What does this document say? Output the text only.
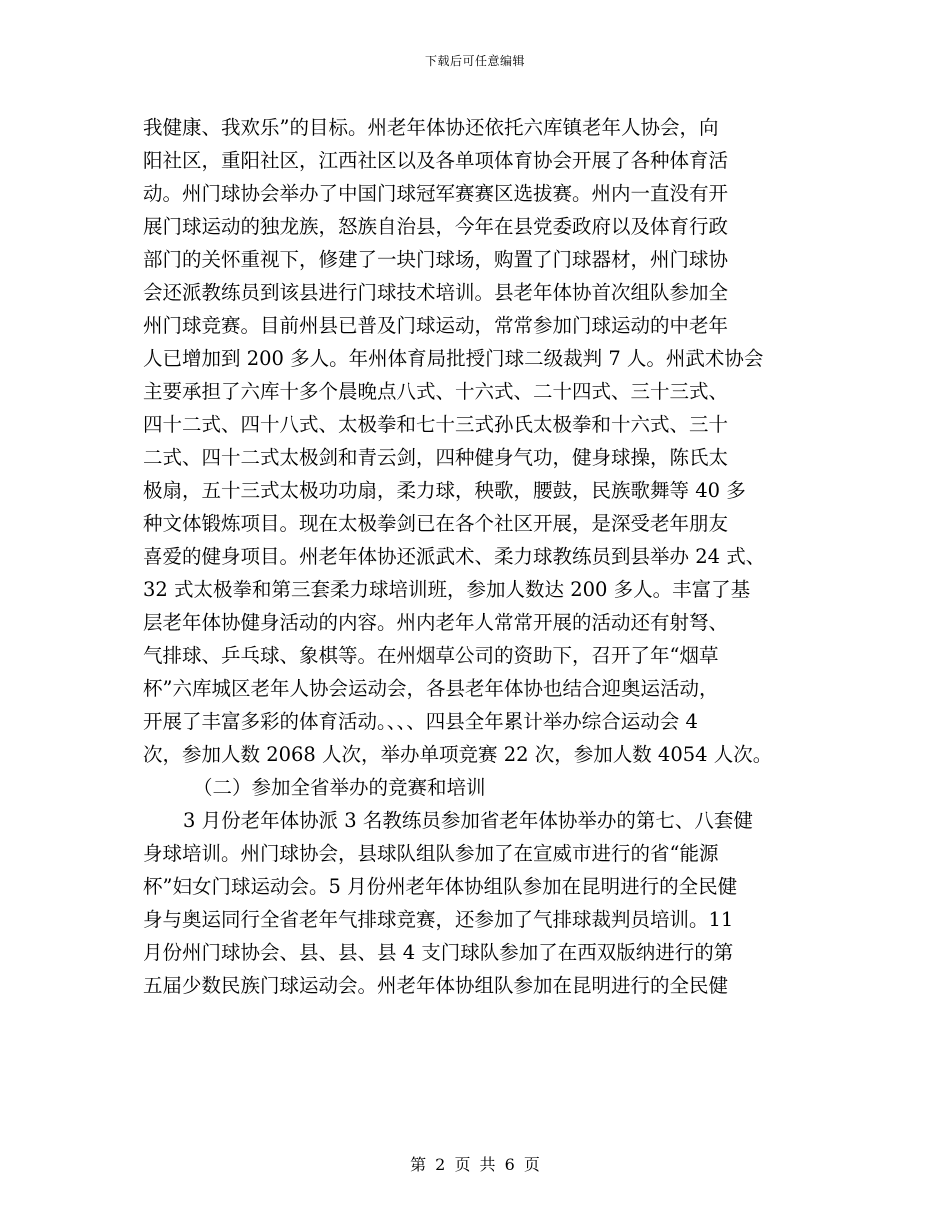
下载后可任意编辑
我健康、我欢乐”的目标。州老年体协还依托六库镇老年人协会，向
阳社区，重阳社区，江西社区以及各单项体育协会开展了各种体育活
动。州门球协会举办了中国门球冠军赛赛区选拔赛。州内一直没有开
展门球运动的独龙族，怒族自治县，今年在县党委政府以及体育行政
部门的关怀重视下，修建了一块门球场，购置了门球器材，州门球协
会还派教练员到该县进行门球技术培训。县老年体协首次组队参加全
州门球竞赛。目前州县已普及门球运动，常常参加门球运动的中老年
人已增加到 200 多人。年州体育局批授门球二级裁判 7 人。州武术协会
主要承担了六库十多个晨晚点八式、十六式、二十四式、三十三式、
四十二式、四十八式、太极拳和七十三式孙氏太极拳和十六式、三十
二式、四十二式太极剑和青云剑，四种健身气功，健身球操，陈氏太
极扇，五十三式太极功功扇，柔力球，秧歌，腰鼓，民族歌舞等 40 多
种文体锻炼项目。现在太极拳剑已在各个社区开展，是深受老年朋友
喜爱的健身项目。州老年体协还派武术、柔力球教练员到县举办 24 式、
32 式太极拳和第三套柔力球培训班，参加人数达 200 多人。丰富了基
层老年体协健身活动的内容。州内老年人常常开展的活动还有射弩、
气排球、乒乓球、象棋等。在州烟草公司的资助下，召开了年“烟草
杯”六库城区老年人协会运动会，各县老年体协也结合迎奥运活动，
开展了丰富多彩的体育活动。、、、四县全年累计举办综合运动会 4
次，参加人数 2068 人次，举办单项竞赛 22 次，参加人数 4054 人次。
（二）参加全省举办的竞赛和培训
3 月份老年体协派 3 名教练员参加省老年体协举办的第七、八套健
身球培训。州门球协会，县球队组队参加了在宣威市进行的省“能源
杯”妇女门球运动会。5 月份州老年体协组队参加在昆明进行的全民健
身与奥运同行全省老年气排球竞赛，还参加了气排球裁判员培训。11
月份州门球协会、县、县、县 4 支门球队参加了在西双版纳进行的第
五届少数民族门球运动会。州老年体协组队参加在昆明进行的全民健
第 2 页 共 6 页
